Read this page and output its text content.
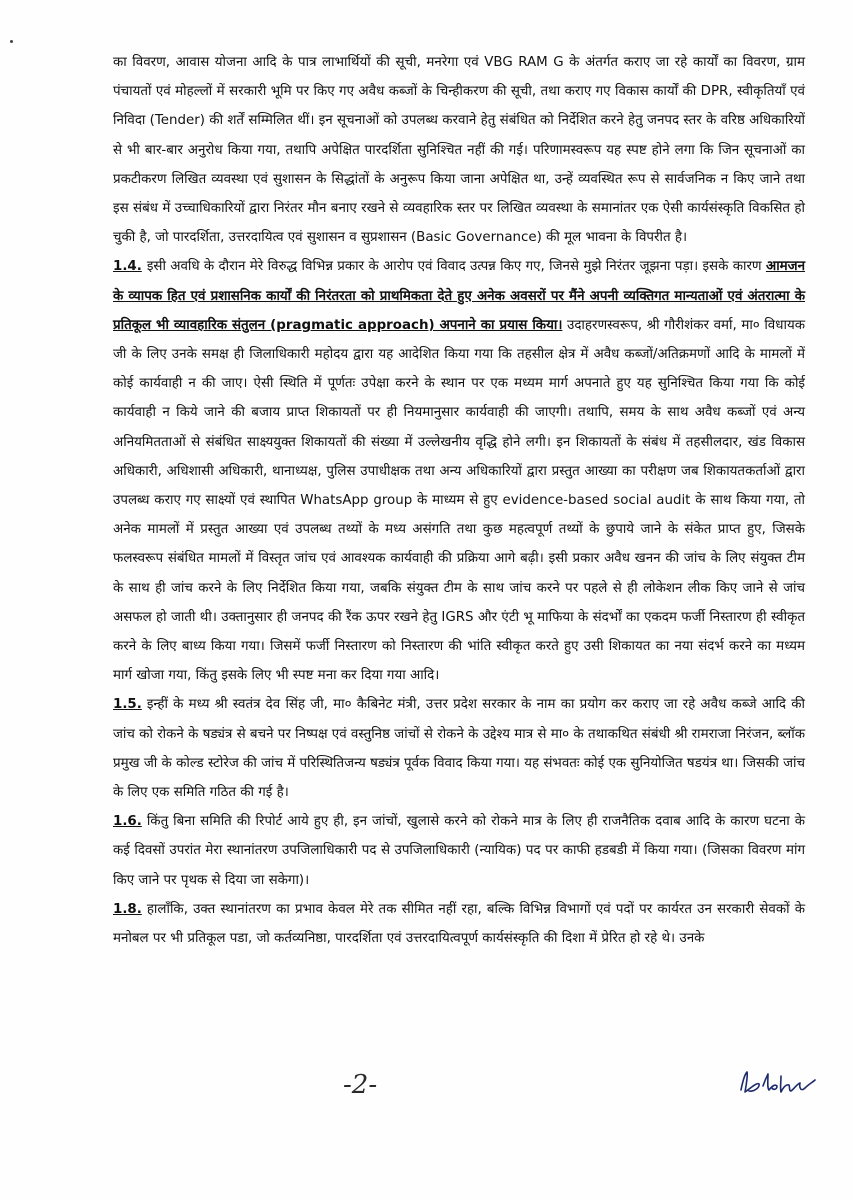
का विवरण, आवास योजना आदि के पात्र लाभार्थियों की सूची, मनरेगा एवं VBG RAM G के अंतर्गत कराए जा रहे कार्यों का विवरण, ग्राम पंचायतों एवं मोहल्लों में सरकारी भूमि पर किए गए अवैध कब्जों के चिन्हीकरण की सूची, तथा कराए गए विकास कार्यों की DPR, स्वीकृतियाँ एवं निविदा (Tender) की शर्तें सम्मिलित थीं। इन सूचनाओं को उपलब्ध करवाने हेतु संबंधित को निर्देशित करने हेतु जनपद स्तर के वरिष्ठ अधिकारियों से भी बार-बार अनुरोध किया गया, तथापि अपेक्षित पारदर्शिता सुनिश्चित नहीं की गई। परिणामस्वरूप यह स्पष्ट होने लगा कि जिन सूचनाओं का प्रकटीकरण लिखित व्यवस्था एवं सुशासन के सिद्धांतों के अनुरूप किया जाना अपेक्षित था, उन्हें व्यवस्थित रूप से सार्वजनिक न किए जाने तथा इस संबंध में उच्चाधिकारियों द्वारा निरंतर मौन बनाए रखने से व्यवहारिक स्तर पर लिखित व्यवस्था के समानांतर एक ऐसी कार्यसंस्कृति विकसित हो चुकी है, जो पारदर्शिता, उत्तरदायित्व एवं सुशासन व सुप्रशासन (Basic Governance) की मूल भावना के विपरीत है।

1.4. इसी अवधि के दौरान मेरे विरुद्ध विभिन्न प्रकार के आरोप एवं विवाद उत्पन्न किए गए, जिनसे मुझे निरंतर जूझना पड़ा। इसके कारण आमजन के व्यापक हित एवं प्रशासनिक कार्यों की निरंतरता को प्राथमिकता देते हुए अनेक अवसरों पर मैंने अपनी व्यक्तिगत मान्यताओं एवं अंतरात्मा के प्रतिकूल भी व्यावहारिक संतुलन (pragmatic approach) अपनाने का प्रयास किया। उदाहरणस्वरूप, श्री गौरीशंकर वर्मा, मा० विधायक जी के लिए उनके समक्ष ही जिलाधिकारी महोदय द्वारा यह आदेशित किया गया कि तहसील क्षेत्र में अवैध कब्जों/अतिक्रमणों आदि के मामलों में कोई कार्यवाही न की जाए। ऐसी स्थिति में पूर्णतः उपेक्षा करने के स्थान पर एक मध्यम मार्ग अपनाते हुए यह सुनिश्चित किया गया कि कोई कार्यवाही न किये जाने की बजाय प्राप्त शिकायतों पर ही नियमानुसार कार्यवाही की जाएगी। तथापि, समय के साथ अवैध कब्जों एवं अन्य अनियमितताओं से संबंधित साक्ष्ययुक्त शिकायतों की संख्या में उल्लेखनीय वृद्धि होने लगी। इन शिकायतों के संबंध में तहसीलदार, खंड विकास अधिकारी, अधिशासी अधिकारी, थानाध्यक्ष, पुलिस उपाधीक्षक तथा अन्य अधिकारियों द्वारा प्रस्तुत आख्या का परीक्षण जब शिकायतकर्ताओं द्वारा उपलब्ध कराए गए साक्ष्यों एवं स्थापित WhatsApp group के माध्यम से हुए evidence-based social audit के साथ किया गया, तो अनेक मामलों में प्रस्तुत आख्या एवं उपलब्ध तथ्यों के मध्य असंगति तथा कुछ महत्वपूर्ण तथ्यों के छुपाये जाने के संकेत प्राप्त हुए, जिसके फलस्वरूप संबंधित मामलों में विस्तृत जांच एवं आवश्यक कार्यवाही की प्रक्रिया आगे बढ़ी। इसी प्रकार अवैध खनन की जांच के लिए संयुक्त टीम के साथ ही जांच करने के लिए निर्देशित किया गया, जबकि संयुक्त टीम के साथ जांच करने पर पहले से ही लोकेशन लीक किए जाने से जांच असफल हो जाती थी। उक्तानुसार ही जनपद की रैंक ऊपर रखने हेतु IGRS और एंटी भू माफिया के संदर्भों का एकदम फर्जी निस्तारण ही स्वीकृत करने के लिए बाध्य किया गया। जिसमें फर्जी निस्तारण को निस्तारण की भांति स्वीकृत करते हुए उसी शिकायत का नया संदर्भ करने का मध्यम मार्ग खोजा गया, किंतु इसके लिए भी स्पष्ट मना कर दिया गया आदि।

1.5. इन्हीं के मध्य श्री स्वतंत्र देव सिंह जी, मा० कैबिनेट मंत्री, उत्तर प्रदेश सरकार के नाम का प्रयोग कर कराए जा रहे अवैध कब्जे आदि की जांच को रोकने के षड्यंत्र से बचने पर निष्पक्ष एवं वस्तुनिष्ठ जांचों से रोकने के उद्देश्य मात्र से मा० के तथाकथित संबंधी श्री रामराजा निरंजन, ब्लॉक प्रमुख जी के कोल्ड स्टोरेज की जांच में परिस्थितिजन्य षड्यंत्र पूर्वक विवाद किया गया। यह संभवतः कोई एक सुनियोजित षडयंत्र था। जिसकी जांच के लिए एक समिति गठित की गई है।

1.6. किंतु बिना समिति की रिपोर्ट आये हुए ही, इन जांचों, खुलासे करने को रोकने मात्र के लिए ही राजनैतिक दवाब आदि के कारण घटना के कई दिवसों उपरांत मेरा स्थानांतरण उपजिलाधिकारी पद से उपजिलाधिकारी (न्यायिक) पद पर काफी हडबडी में किया गया। (जिसका विवरण मांग किए जाने पर पृथक से दिया जा सकेगा)।

1.8. हालाँकि, उक्त स्थानांतरण का प्रभाव केवल मेरे तक सीमित नहीं रहा, बल्कि विभिन्न विभागों एवं पदों पर कार्यरत उन सरकारी सेवकों के मनोबल पर भी प्रतिकूल पडा, जो कर्तव्यनिष्ठा, पारदर्शिता एवं उत्तरदायित्वपूर्ण कार्यसंस्कृति की दिशा में प्रेरित हो रहे थे। उनके

-2-
